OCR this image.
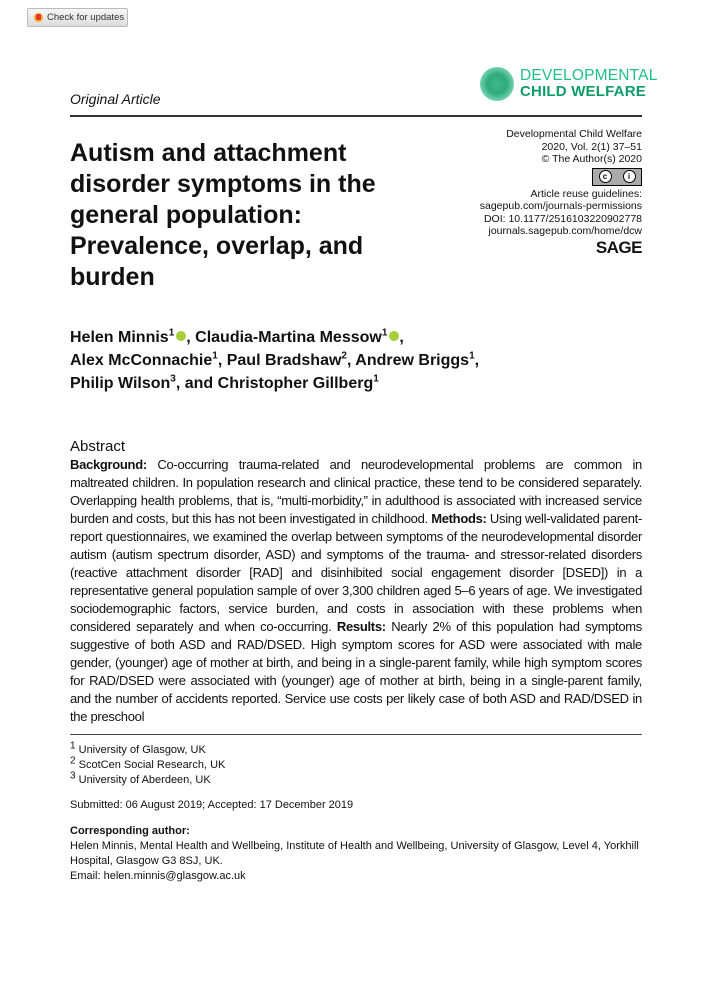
Check for updates
DEVELOPMENTAL
CHILD WELFARE
Original Article
Autism and attachment disorder symptoms in the general population: Prevalence, overlap, and burden
Developmental Child Welfare
2020, Vol. 2(1) 37–51
© The Author(s) 2020
c	i
Article reuse guidelines:
sagepub.com/journals-permissions
DOI: 10.1177/2516103220902778
journals.sagepub.com/home/dcw
SAGE
Helen Minnis$^1$ , Claudia-Martina Messow$^1$ ,
Alex McConnachie$^1$, Paul Bradshaw$^2$, Andrew Briggs$^1$,
Philip Wilson$^3$, and Christopher Gillberg$^1$
Abstract
Background: Co-occurring trauma-related and neurodevelopmental problems are common in maltreated children. In population research and clinical practice, these tend to be considered separately. Overlapping health problems, that is, “multi-morbidity,” in adulthood is associated with increased service burden and costs, but this has not been investigated in childhood. Methods: Using well-validated parent-report questionnaires, we examined the overlap between symptoms of the neurodevelopmental disorder autism (autism spectrum disorder, ASD) and symptoms of the trauma- and stressor-related disorders (reactive attachment disorder [RAD] and disinhibited social engagement disorder [DSED]) in a representative general population sample of over 3,300 children aged 5–6 years of age. We investigated sociodemographic factors, service burden, and costs in association with these problems when considered separately and when co-occurring. Results: Nearly 2% of this population had symptoms suggestive of both ASD and RAD/DSED. High symptom scores for ASD were associated with male gender, (younger) age of mother at birth, and being in a single-parent family, while high symptom scores for RAD/DSED were associated with (younger) age of mother at birth, being in a single-parent family, and the number of accidents reported. Service use costs per likely case of both ASD and RAD/DSED in the preschool
$^1$ University of Glasgow, UK
$^2$ ScotCen Social Research, UK
$^3$ University of Aberdeen, UK
Submitted: 06 August 2019; Accepted: 17 December 2019
Corresponding author:
Helen Minnis, Mental Health and Wellbeing, Institute of Health and Wellbeing, University of Glasgow, Level 4, Yorkhill Hospital, Glasgow G3 8SJ, UK.
Email: helen.minnis@glasgow.ac.uk
